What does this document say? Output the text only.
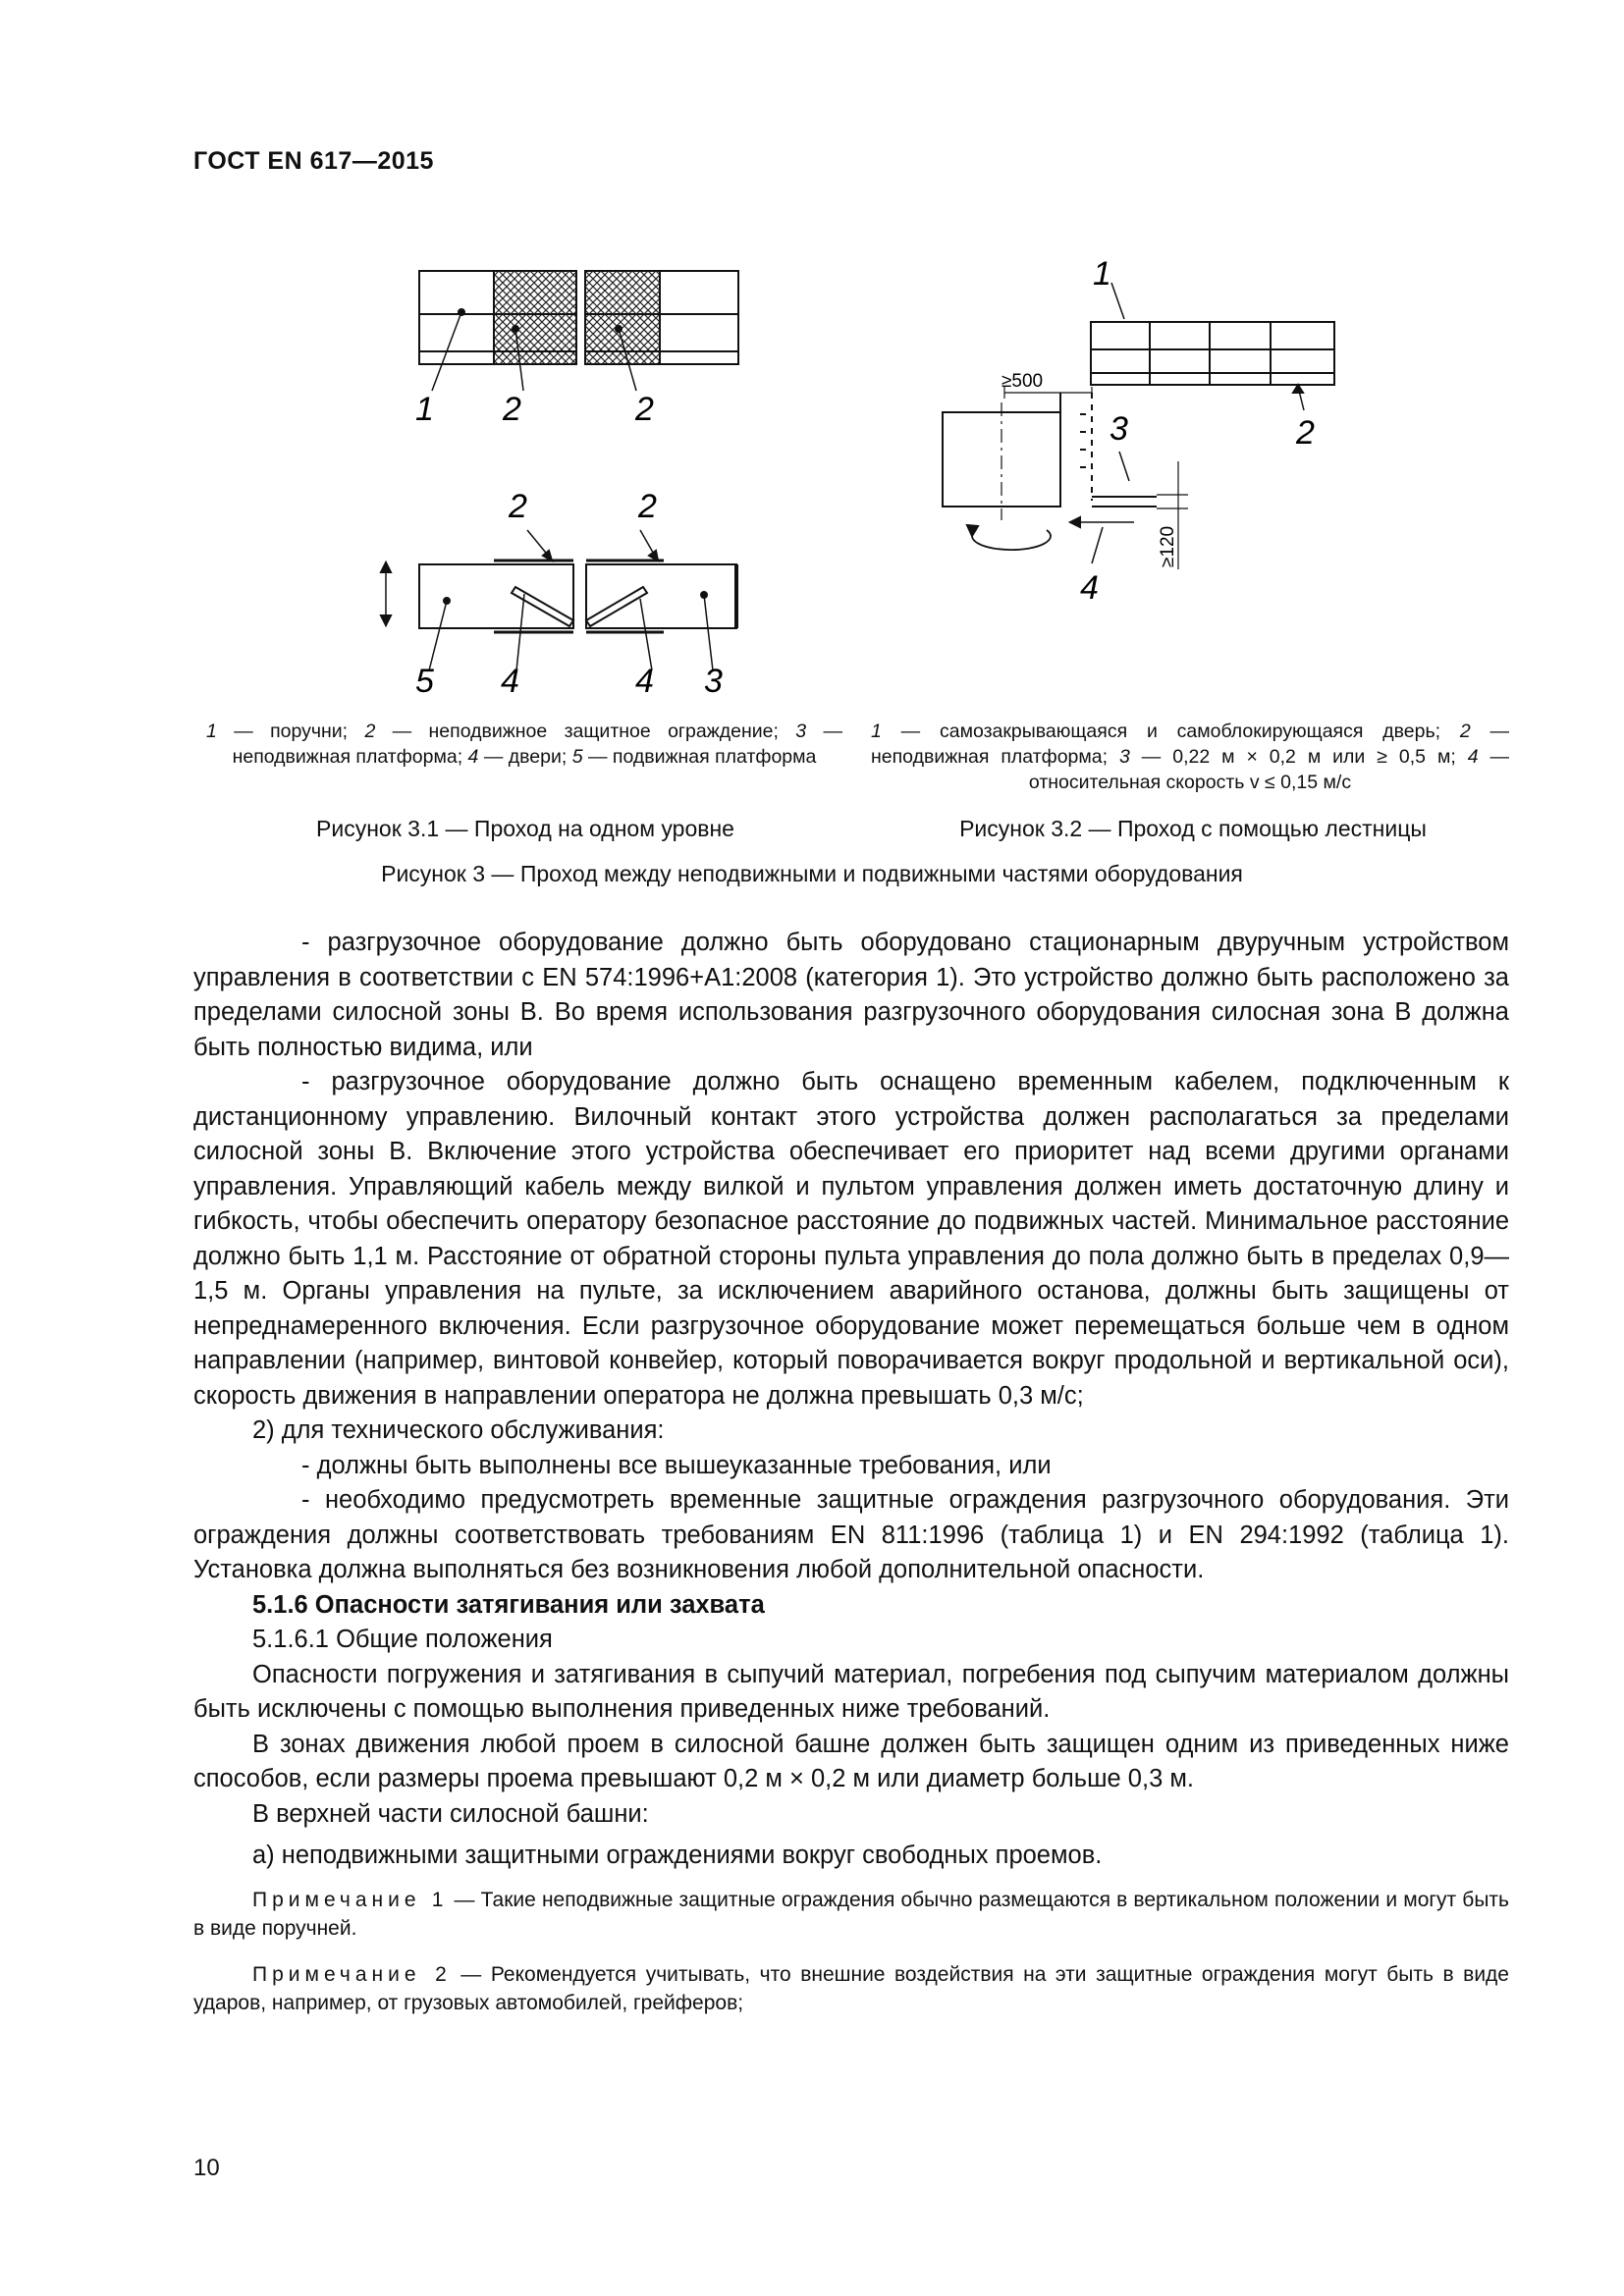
ГОСТ EN 617—2015
1 2	2
2	2
5 4	4 3
1
2
3
4
≥500
≥120
1 — поручни; 2 — неподвижное защитное ограждение; 3 — неподвижная платформа; 4 — двери; 5 — подвижная платформа
1 — самозакрывающаяся и самоблокирующаяся дверь; 2 — неподвижная платформа; 3 — 0,22 м × 0,2 м или ≥ 0,5 м; 4 — относительная скорость v ≤ 0,15 м/с
Рисунок 3.1 — Проход на одном уровне	Рисунок 3.2 — Проход с помощью лестницы
Рисунок 3 — Проход между неподвижными и подвижными частями оборудования

- разгрузочное оборудование должно быть оборудовано стационарным двуручным устройством управления в соответствии с EN 574:1996+A1:2008 (категория 1). Это устройство должно быть расположено за пределами силосной зоны B. Во время использования разгрузочного оборудования силосная зона B должна быть полностью видима, или

- разгрузочное оборудование должно быть оснащено временным кабелем, подключенным к дистанционному управлению. Вилочный контакт этого устройства должен располагаться за пределами силосной зоны B. Включение этого устройства обеспечивает его приоритет над всеми другими органами управления. Управляющий кабель между вилкой и пультом управления должен иметь достаточную длину и гибкость, чтобы обеспечить оператору безопасное расстояние до подвижных частей. Минимальное расстояние должно быть 1,1 м. Расстояние от обратной стороны пульта управления до пола должно быть в пределах 0,9—1,5 м. Органы управления на пульте, за исключением аварийного останова, должны быть защищены от непреднамеренного включения. Если разгрузочное оборудование может перемещаться больше чем в одном направлении (например, винтовой конвейер, который поворачивается вокруг продольной и вертикальной оси), скорость движения в направлении оператора не должна превышать 0,3 м/с;

2) для технического обслуживания:

- должны быть выполнены все вышеуказанные требования, или

- необходимо предусмотреть временные защитные ограждения разгрузочного оборудования. Эти ограждения должны соответствовать требованиям EN 811:1996 (таблица 1) и EN 294:1992 (таблица 1). Установка должна выполняться без возникновения любой дополнительной опасности.

5.1.6 Опасности затягивания или захвата

5.1.6.1 Общие положения

Опасности погружения и затягивания в сыпучий материал, погребения под сыпучим материалом должны быть исключены с помощью выполнения приведенных ниже требований.

В зонах движения любой проем в силосной башне должен быть защищен одним из приведенных ниже способов, если размеры проема превышают 0,2 м × 0,2 м или диаметр больше 0,3 м.

В верхней части силосной башни:

а) неподвижными защитными ограждениями вокруг свободных проемов.

Примечание 1 — Такие неподвижные защитные ограждения обычно размещаются в вертикальном положении и могут быть в виде поручней.

Примечание 2 — Рекомендуется учитывать, что внешние воздействия на эти защитные ограждения могут быть в виде ударов, например, от грузовых автомобилей, грейферов;

10
